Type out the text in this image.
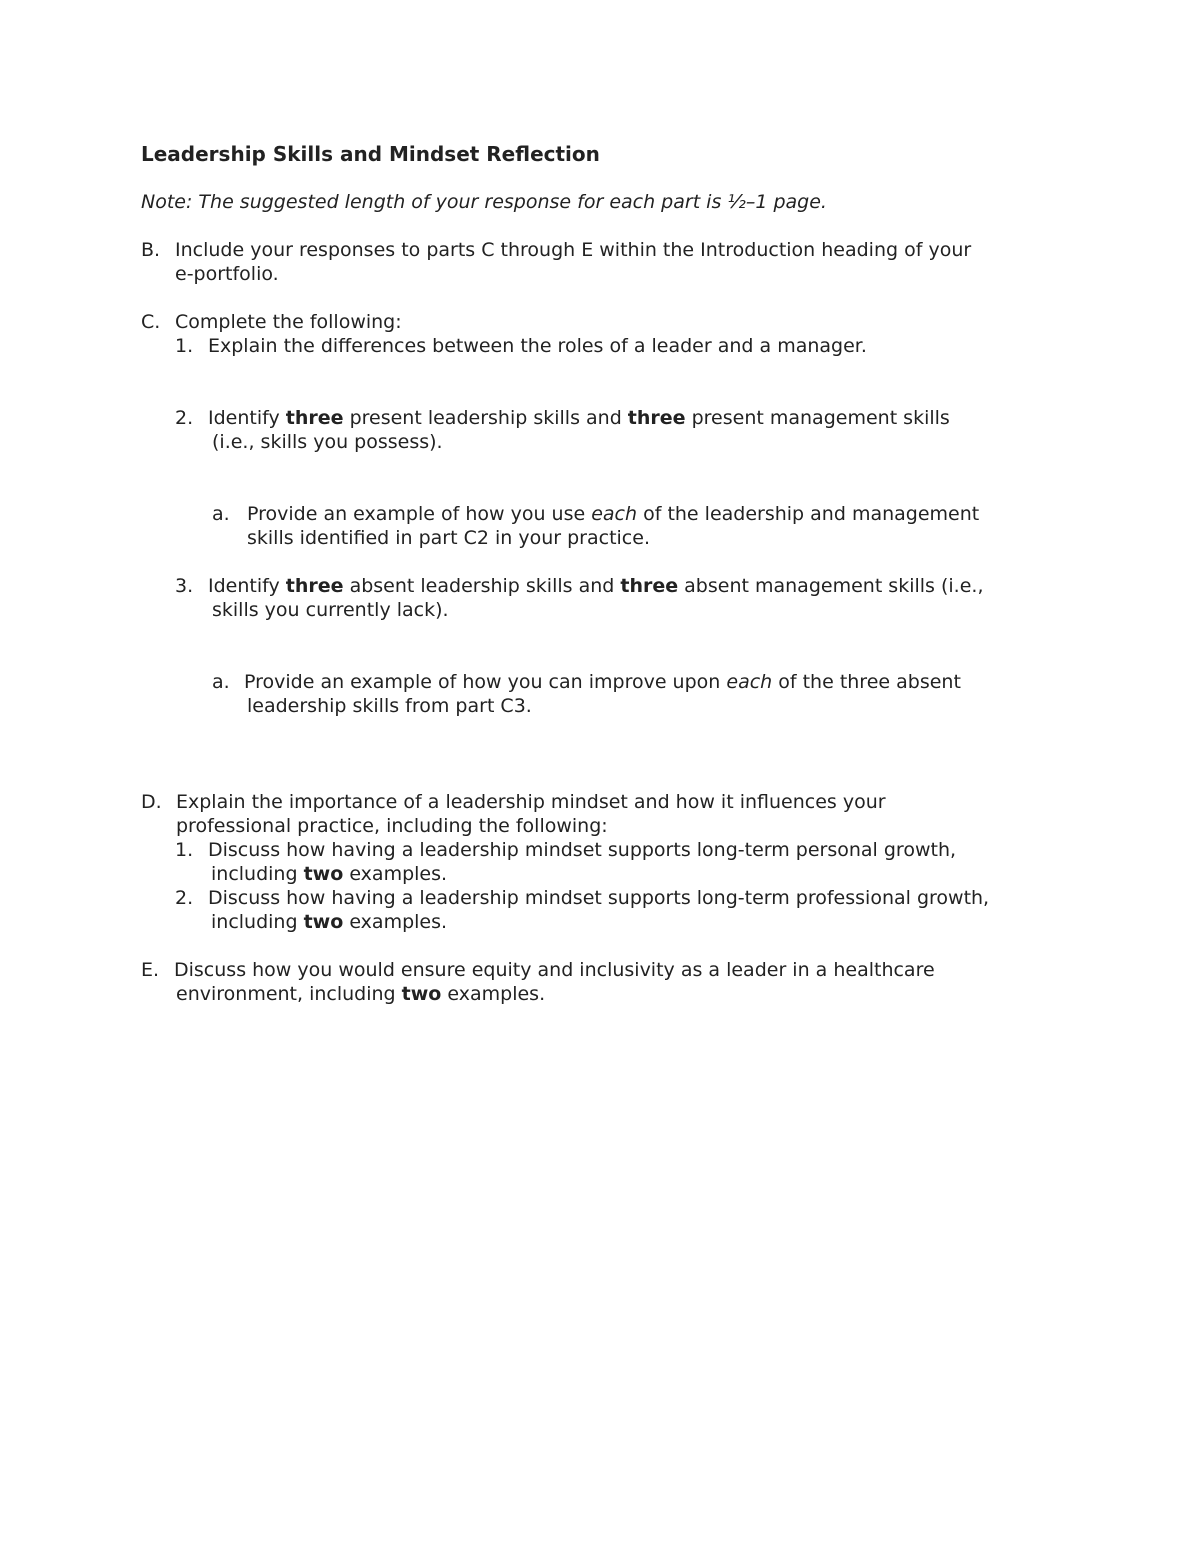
Leadership Skills and Mindset Reflection

Note: The suggested length of your response for each part is ½–1 page.

B. Include your responses to parts C through E within the Introduction heading of your
e-portfolio.
C. Complete the following:
1. Explain the differences between the roles of a leader and a manager.
2. Identify three present leadership skills and three present management skills
(i.e., skills you possess).
a. Provide an example of how you use each of the leadership and management
skills identified in part C2 in your practice.
3. Identify three absent leadership skills and three absent management skills (i.e.,
skills you currently lack).
a. Provide an example of how you can improve upon each of the three absent
leadership skills from part C3.
D. Explain the importance of a leadership mindset and how it influences your
professional practice, including the following:
1. Discuss how having a leadership mindset supports long-term personal growth,
including two examples.
2. Discuss how having a leadership mindset supports long-term professional growth,
including two examples.
E. Discuss how you would ensure equity and inclusivity as a leader in a healthcare
environment, including two examples.
